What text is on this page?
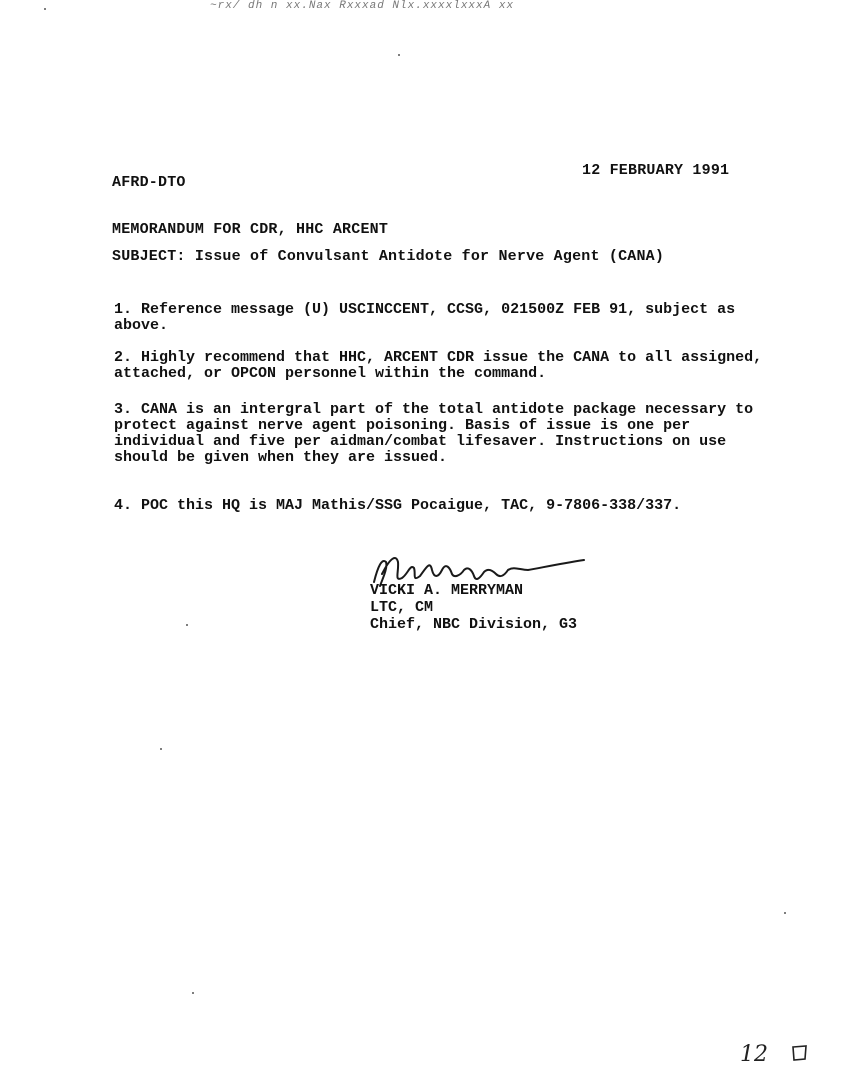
~rx/ dh n xx.Nax Rxxxad Nlx.xxxxlxxxA xx
AFRD-DTO
12 FEBRUARY 1991
MEMORANDUM FOR CDR, HHC ARCENT
SUBJECT: Issue of Convulsant Antidote for Nerve Agent (CANA)
1. Reference message (U) USCINCCENT, CCSG, 021500Z FEB 91, subject as above.
2. Highly recommend that HHC, ARCENT CDR issue the CANA to all assigned, attached, or OPCON personnel within the command.
3. CANA is an intergral part of the total antidote package necessary to protect against nerve agent poisoning. Basis of issue is one per individual and five per aidman/combat lifesaver. Instructions on use should be given when they are issued.
4. POC this HQ is MAJ Mathis/SSG Pocaigue, TAC, 9-7806-338/337.
VICKI A. MERRYMAN
LTC, CM
Chief, NBC Division, G3
12
